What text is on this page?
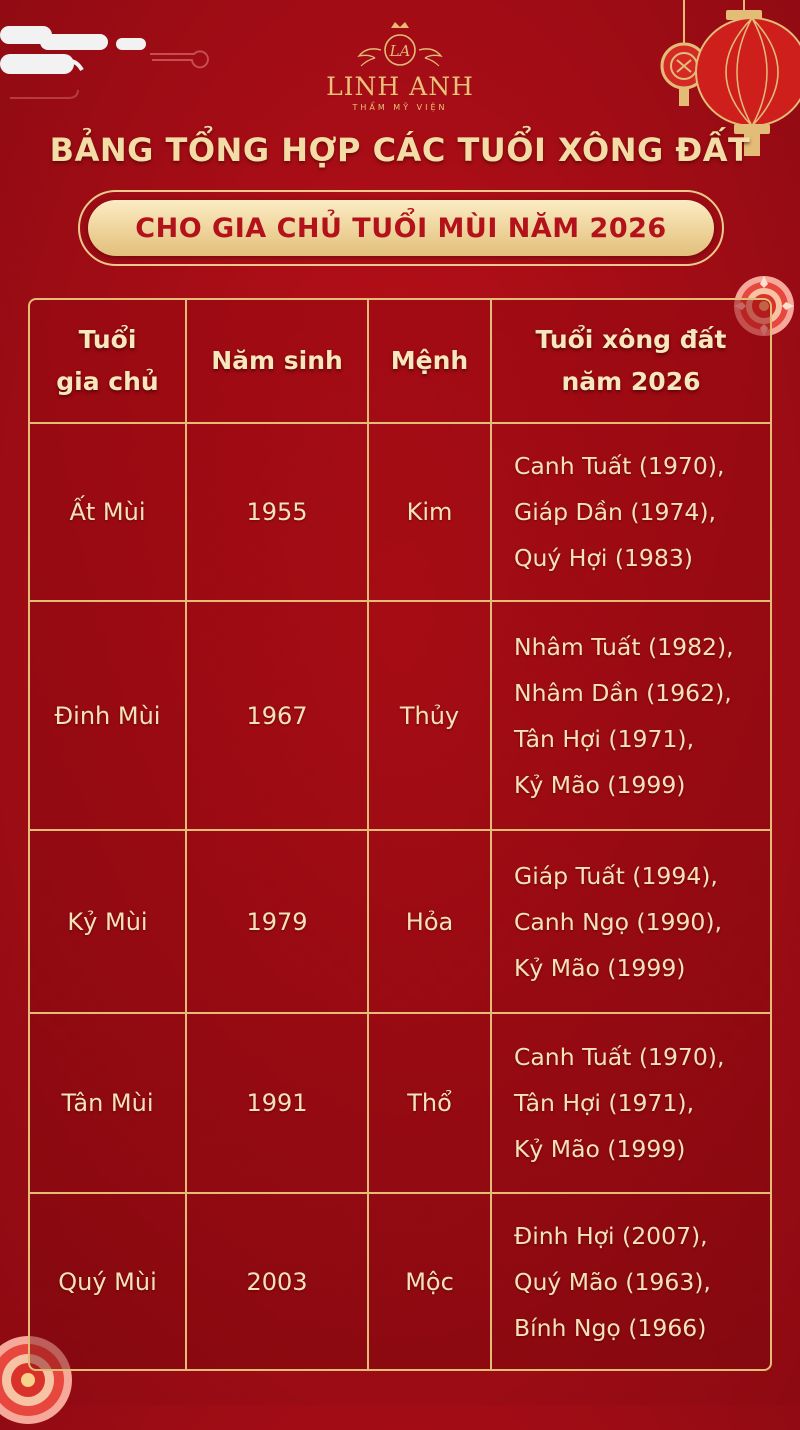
LA
LINH ANH
THẨM MỸ VIỆN
BẢNG TỔNG HỢP CÁC TUỔI XÔNG ĐẤT
CHO GIA CHỦ TUỔI MÙI NĂM 2026
Tuổi
gia chủ	Năm sinh	Mệnh	Tuổi xông đất
năm 2026

Ất Mùi	1955	Kim	Canh Tuất (1970),
Giáp Dần (1974),
Quý Hợi (1983)

Đinh Mùi	1967	Thủy	Nhâm Tuất (1982),
Nhâm Dần (1962),
Tân Hợi (1971),
Kỷ Mão (1999)

Kỷ Mùi	1979	Hỏa	Giáp Tuất (1994),
Canh Ngọ (1990),
Kỷ Mão (1999)

Tân Mùi	1991	Thổ	Canh Tuất (1970),
Tân Hợi (1971),
Kỷ Mão (1999)

Quý Mùi	2003	Mộc	Đinh Hợi (2007),
Quý Mão (1963),
Bính Ngọ (1966)
